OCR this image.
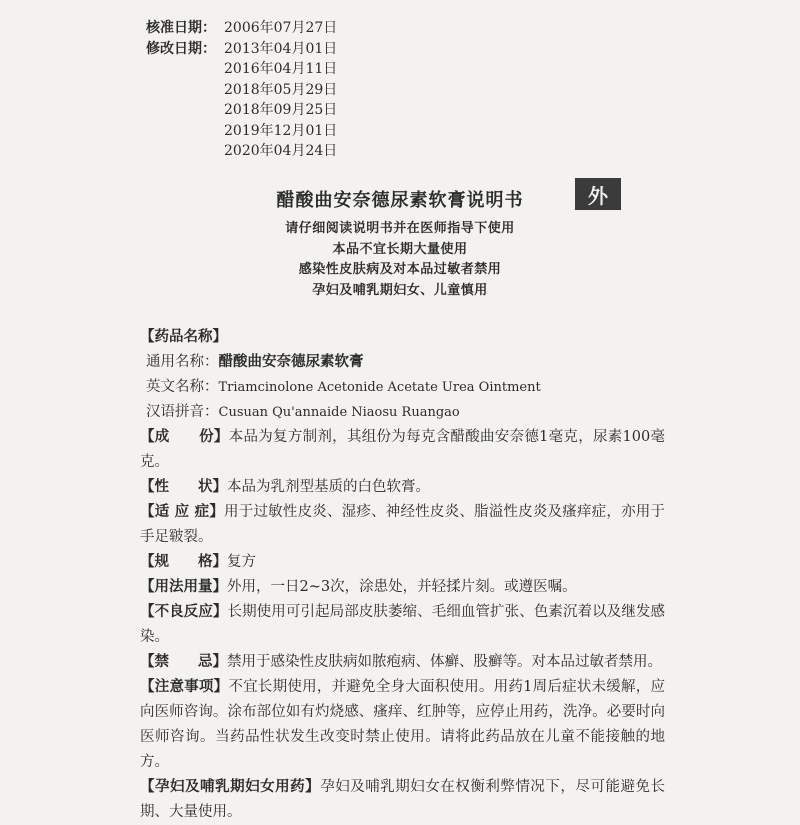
核准日期： 2006年07月27日
修改日期： 2013年04月01日
2016年04月11日
2018年05月29日
2018年09月25日
2019年12月01日
2020年04月24日
外
醋酸曲安奈德尿素软膏说明书
请仔细阅读说明书并在医师指导下使用
本品不宜长期大量使用
感染性皮肤病及对本品过敏者禁用
孕妇及哺乳期妇女、儿童慎用
【药品名称】
通用名称：醋酸曲安奈德尿素软膏
英文名称：Triamcinolone Acetonide Acetate Urea Ointment
汉语拼音：Cusuan Qu'annaide Niaosu Ruangao

【成　　份】本品为复方制剂，其组份为每克含醋酸曲安奈德1毫克，尿素100毫克。

【性　　状】本品为乳剂型基质的白色软膏。

【适 应 症】用于过敏性皮炎、湿疹、神经性皮炎、脂溢性皮炎及瘙痒症，亦用于手足皲裂。

【规　　格】复方

【用法用量】外用，一日2~3次，涂患处，并轻揉片刻。或遵医嘱。

【不良反应】长期使用可引起局部皮肤萎缩、毛细血管扩张、色素沉着以及继发感染。

【禁　　忌】禁用于感染性皮肤病如脓疱病、体癣、股癣等。对本品过敏者禁用。

【注意事项】不宜长期使用，并避免全身大面积使用。用药1周后症状未缓解，应向医师咨询。涂布部位如有灼烧感、瘙痒、红肿等，应停止用药，洗净。必要时向医师咨询。当药品性状发生改变时禁止使用。请将此药品放在儿童不能接触的地方。

【孕妇及哺乳期妇女用药】孕妇及哺乳期妇女在权衡利弊情况下，尽可能避免长期、大量使用。
